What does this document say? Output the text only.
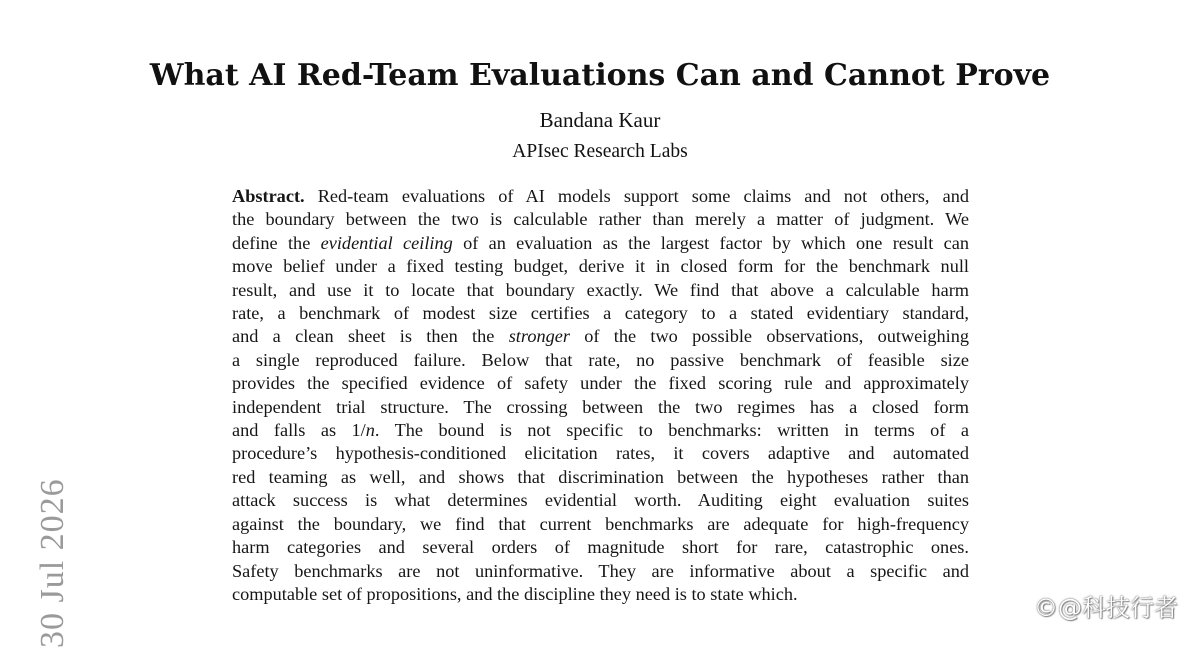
What AI Red-Team Evaluations Can and Cannot Prove
Bandana Kaur
APIsec Research Labs
Abstract. Red-team evaluations of AI models support some claims and not others, and
the boundary between the two is calculable rather than merely a matter of judgment. We
define the evidential ceiling of an evaluation as the largest factor by which one result can
move belief under a fixed testing budget, derive it in closed form for the benchmark null
result, and use it to locate that boundary exactly. We find that above a calculable harm
rate, a benchmark of modest size certifies a category to a stated evidentiary standard,
and a clean sheet is then the stronger of the two possible observations, outweighing
a single reproduced failure. Below that rate, no passive benchmark of feasible size
provides the specified evidence of safety under the fixed scoring rule and approximately
independent trial structure. The crossing between the two regimes has a closed form
and falls as 1/n. The bound is not specific to benchmarks: written in terms of a
procedure’s hypothesis-conditioned elicitation rates, it covers adaptive and automated
red teaming as well, and shows that discrimination between the hypotheses rather than
attack success is what determines evidential worth. Auditing eight evaluation suites
against the boundary, we find that current benchmarks are adequate for high-frequency
harm categories and several orders of magnitude short for rare, catastrophic ones.
Safety benchmarks are not uninformative. They are informative about a specific and
computable set of propositions, and the discipline they need is to state which.
30 Jul 2026	©@科技行者
